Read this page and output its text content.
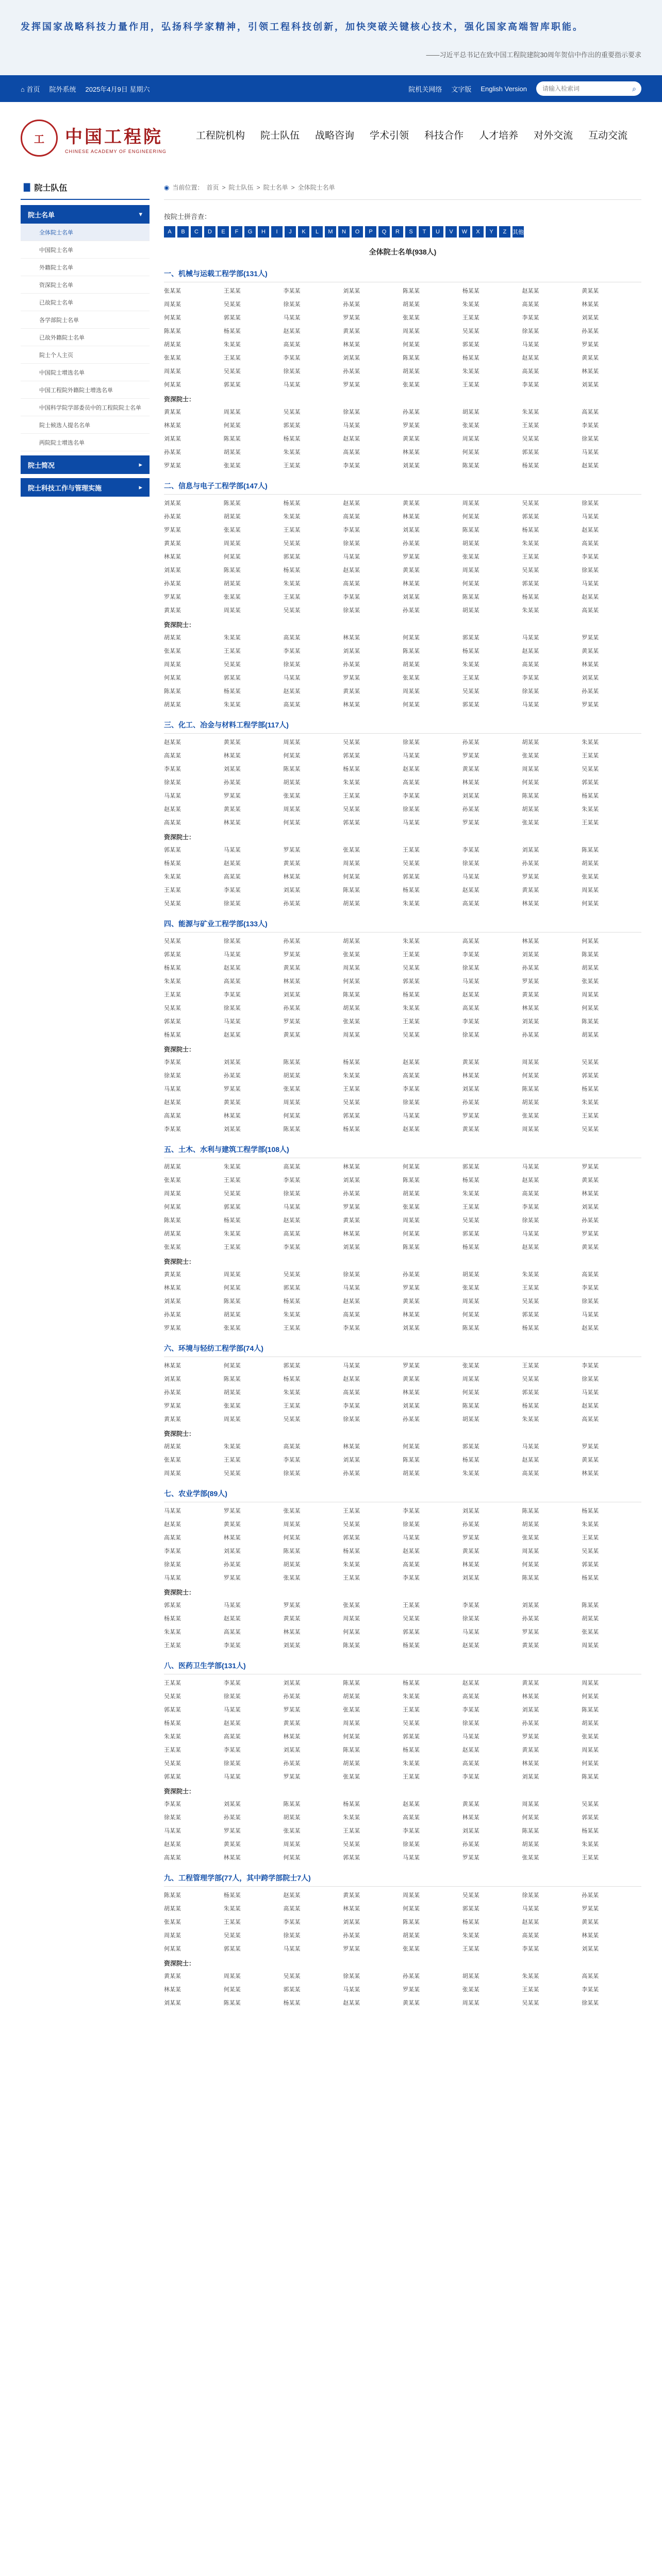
发挥国家战略科技力量作用，弘扬科学家精神，引领工程科技创新，加快突破关键核心技术，强化国家高端智库职能。
——习近平总书记在致中国工程院建院30周年贺信中作出的重要指示要求
⌂ 首页 院外系统 2025年4月9日 星期六	院机关网络 文字版 English Version
请输入检索词	⌕
工	中国工程院
CHINESE ACADEMY OF ENGINEERING
工程院机构 院士队伍 战略咨询 学术引领 科技合作 人才培养 对外交流 互动交流
▇ 院士队伍
院士名单	▾
全体院士名单
中国院士名单
外籍院士名单
资深院士名单
已故院士名单
各学部院士名单
已故外籍院士名单
院士个人主页
中国院士增选名单
中国工程院外籍院士增选名单
中国科学院学部委员中的工程院院士名单
院士候选人提名名单
两院院士增选名单
院士简况	▸
院士科技工作与管理实施	▸
◉ 当前位置： 首页 > 院士队伍 > 院士名单 > 全体院士名单
按院士拼音查：
A	B	C	D	E	F	G	H	I	J	K	L	M	N	O	P	Q	R	S	T	U	V	W	X	Y	Z	其他
全体院士名单(938人)
一、机械与运载工程学部(131人)
张某某	王某某	李某某	刘某某	陈某某	杨某某	赵某某	黄某某
周某某	吴某某	徐某某	孙某某	胡某某	朱某某	高某某	林某某
何某某	郭某某	马某某	罗某某	张某某	王某某	李某某	刘某某
陈某某	杨某某	赵某某	黄某某	周某某	吴某某	徐某某	孙某某
胡某某	朱某某	高某某	林某某	何某某	郭某某	马某某	罗某某
张某某	王某某	李某某	刘某某	陈某某	杨某某	赵某某	黄某某
周某某	吴某某	徐某某	孙某某	胡某某	朱某某	高某某	林某某
何某某	郭某某	马某某	罗某某	张某某	王某某	李某某	刘某某
资深院士：
黄某某	周某某	吴某某	徐某某	孙某某	胡某某	朱某某	高某某
林某某	何某某	郭某某	马某某	罗某某	张某某	王某某	李某某
刘某某	陈某某	杨某某	赵某某	黄某某	周某某	吴某某	徐某某
孙某某	胡某某	朱某某	高某某	林某某	何某某	郭某某	马某某
罗某某	张某某	王某某	李某某	刘某某	陈某某	杨某某	赵某某
二、信息与电子工程学部(147人)
刘某某	陈某某	杨某某	赵某某	黄某某	周某某	吴某某	徐某某
孙某某	胡某某	朱某某	高某某	林某某	何某某	郭某某	马某某
罗某某	张某某	王某某	李某某	刘某某	陈某某	杨某某	赵某某
黄某某	周某某	吴某某	徐某某	孙某某	胡某某	朱某某	高某某
林某某	何某某	郭某某	马某某	罗某某	张某某	王某某	李某某
刘某某	陈某某	杨某某	赵某某	黄某某	周某某	吴某某	徐某某
孙某某	胡某某	朱某某	高某某	林某某	何某某	郭某某	马某某
罗某某	张某某	王某某	李某某	刘某某	陈某某	杨某某	赵某某
黄某某	周某某	吴某某	徐某某	孙某某	胡某某	朱某某	高某某
资深院士：
胡某某	朱某某	高某某	林某某	何某某	郭某某	马某某	罗某某
张某某	王某某	李某某	刘某某	陈某某	杨某某	赵某某	黄某某
周某某	吴某某	徐某某	孙某某	胡某某	朱某某	高某某	林某某
何某某	郭某某	马某某	罗某某	张某某	王某某	李某某	刘某某
陈某某	杨某某	赵某某	黄某某	周某某	吴某某	徐某某	孙某某
胡某某	朱某某	高某某	林某某	何某某	郭某某	马某某	罗某某
三、化工、冶金与材料工程学部(117人)
赵某某	黄某某	周某某	吴某某	徐某某	孙某某	胡某某	朱某某
高某某	林某某	何某某	郭某某	马某某	罗某某	张某某	王某某
李某某	刘某某	陈某某	杨某某	赵某某	黄某某	周某某	吴某某
徐某某	孙某某	胡某某	朱某某	高某某	林某某	何某某	郭某某
马某某	罗某某	张某某	王某某	李某某	刘某某	陈某某	杨某某
赵某某	黄某某	周某某	吴某某	徐某某	孙某某	胡某某	朱某某
高某某	林某某	何某某	郭某某	马某某	罗某某	张某某	王某某
资深院士：
郭某某	马某某	罗某某	张某某	王某某	李某某	刘某某	陈某某
杨某某	赵某某	黄某某	周某某	吴某某	徐某某	孙某某	胡某某
朱某某	高某某	林某某	何某某	郭某某	马某某	罗某某	张某某
王某某	李某某	刘某某	陈某某	杨某某	赵某某	黄某某	周某某
吴某某	徐某某	孙某某	胡某某	朱某某	高某某	林某某	何某某
四、能源与矿业工程学部(133人)
吴某某	徐某某	孙某某	胡某某	朱某某	高某某	林某某	何某某
郭某某	马某某	罗某某	张某某	王某某	李某某	刘某某	陈某某
杨某某	赵某某	黄某某	周某某	吴某某	徐某某	孙某某	胡某某
朱某某	高某某	林某某	何某某	郭某某	马某某	罗某某	张某某
王某某	李某某	刘某某	陈某某	杨某某	赵某某	黄某某	周某某
吴某某	徐某某	孙某某	胡某某	朱某某	高某某	林某某	何某某
郭某某	马某某	罗某某	张某某	王某某	李某某	刘某某	陈某某
杨某某	赵某某	黄某某	周某某	吴某某	徐某某	孙某某	胡某某
资深院士：
李某某	刘某某	陈某某	杨某某	赵某某	黄某某	周某某	吴某某
徐某某	孙某某	胡某某	朱某某	高某某	林某某	何某某	郭某某
马某某	罗某某	张某某	王某某	李某某	刘某某	陈某某	杨某某
赵某某	黄某某	周某某	吴某某	徐某某	孙某某	胡某某	朱某某
高某某	林某某	何某某	郭某某	马某某	罗某某	张某某	王某某
李某某	刘某某	陈某某	杨某某	赵某某	黄某某	周某某	吴某某
五、土木、水利与建筑工程学部(108人)
胡某某	朱某某	高某某	林某某	何某某	郭某某	马某某	罗某某
张某某	王某某	李某某	刘某某	陈某某	杨某某	赵某某	黄某某
周某某	吴某某	徐某某	孙某某	胡某某	朱某某	高某某	林某某
何某某	郭某某	马某某	罗某某	张某某	王某某	李某某	刘某某
陈某某	杨某某	赵某某	黄某某	周某某	吴某某	徐某某	孙某某
胡某某	朱某某	高某某	林某某	何某某	郭某某	马某某	罗某某
张某某	王某某	李某某	刘某某	陈某某	杨某某	赵某某	黄某某
资深院士：
黄某某	周某某	吴某某	徐某某	孙某某	胡某某	朱某某	高某某
林某某	何某某	郭某某	马某某	罗某某	张某某	王某某	李某某
刘某某	陈某某	杨某某	赵某某	黄某某	周某某	吴某某	徐某某
孙某某	胡某某	朱某某	高某某	林某某	何某某	郭某某	马某某
罗某某	张某某	王某某	李某某	刘某某	陈某某	杨某某	赵某某
六、环境与轻纺工程学部(74人)
林某某	何某某	郭某某	马某某	罗某某	张某某	王某某	李某某
刘某某	陈某某	杨某某	赵某某	黄某某	周某某	吴某某	徐某某
孙某某	胡某某	朱某某	高某某	林某某	何某某	郭某某	马某某
罗某某	张某某	王某某	李某某	刘某某	陈某某	杨某某	赵某某
黄某某	周某某	吴某某	徐某某	孙某某	胡某某	朱某某	高某某
资深院士：
胡某某	朱某某	高某某	林某某	何某某	郭某某	马某某	罗某某
张某某	王某某	李某某	刘某某	陈某某	杨某某	赵某某	黄某某
周某某	吴某某	徐某某	孙某某	胡某某	朱某某	高某某	林某某
七、农业学部(89人)
马某某	罗某某	张某某	王某某	李某某	刘某某	陈某某	杨某某
赵某某	黄某某	周某某	吴某某	徐某某	孙某某	胡某某	朱某某
高某某	林某某	何某某	郭某某	马某某	罗某某	张某某	王某某
李某某	刘某某	陈某某	杨某某	赵某某	黄某某	周某某	吴某某
徐某某	孙某某	胡某某	朱某某	高某某	林某某	何某某	郭某某
马某某	罗某某	张某某	王某某	李某某	刘某某	陈某某	杨某某
资深院士：
郭某某	马某某	罗某某	张某某	王某某	李某某	刘某某	陈某某
杨某某	赵某某	黄某某	周某某	吴某某	徐某某	孙某某	胡某某
朱某某	高某某	林某某	何某某	郭某某	马某某	罗某某	张某某
王某某	李某某	刘某某	陈某某	杨某某	赵某某	黄某某	周某某
八、医药卫生学部(131人)
王某某	李某某	刘某某	陈某某	杨某某	赵某某	黄某某	周某某
吴某某	徐某某	孙某某	胡某某	朱某某	高某某	林某某	何某某
郭某某	马某某	罗某某	张某某	王某某	李某某	刘某某	陈某某
杨某某	赵某某	黄某某	周某某	吴某某	徐某某	孙某某	胡某某
朱某某	高某某	林某某	何某某	郭某某	马某某	罗某某	张某某
王某某	李某某	刘某某	陈某某	杨某某	赵某某	黄某某	周某某
吴某某	徐某某	孙某某	胡某某	朱某某	高某某	林某某	何某某
郭某某	马某某	罗某某	张某某	王某某	李某某	刘某某	陈某某
资深院士：
李某某	刘某某	陈某某	杨某某	赵某某	黄某某	周某某	吴某某
徐某某	孙某某	胡某某	朱某某	高某某	林某某	何某某	郭某某
马某某	罗某某	张某某	王某某	李某某	刘某某	陈某某	杨某某
赵某某	黄某某	周某某	吴某某	徐某某	孙某某	胡某某	朱某某
高某某	林某某	何某某	郭某某	马某某	罗某某	张某某	王某某
九、工程管理学部(77人，其中跨学部院士7人)
陈某某	杨某某	赵某某	黄某某	周某某	吴某某	徐某某	孙某某
胡某某	朱某某	高某某	林某某	何某某	郭某某	马某某	罗某某
张某某	王某某	李某某	刘某某	陈某某	杨某某	赵某某	黄某某
周某某	吴某某	徐某某	孙某某	胡某某	朱某某	高某某	林某某
何某某	郭某某	马某某	罗某某	张某某	王某某	李某某	刘某某
资深院士：
黄某某	周某某	吴某某	徐某某	孙某某	胡某某	朱某某	高某某
林某某	何某某	郭某某	马某某	罗某某	张某某	王某某	李某某
刘某某	陈某某	杨某某	赵某某	黄某某	周某某	吴某某	徐某某
